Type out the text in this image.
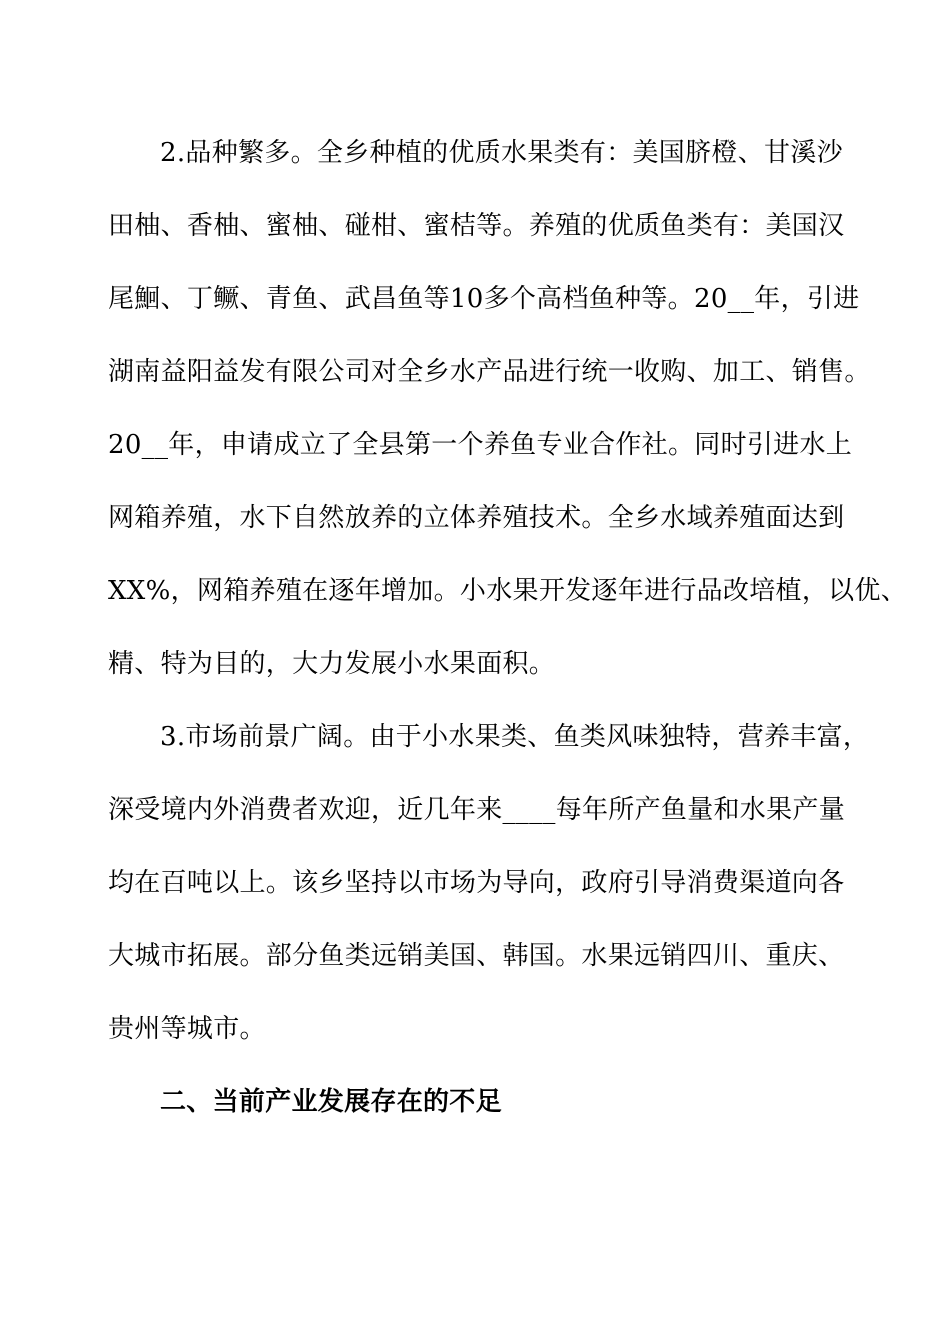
2.品种繁多。全乡种植的优质水果类有：美国脐橙、甘溪沙
田柚、香柚、蜜柚、碰柑、蜜桔等。养殖的优质鱼类有：美国汉
尾鮰、丁鳜、青鱼、武昌鱼等10多个高档鱼种等。20__年，引进
湖南益阳益发有限公司对全乡水产品进行统一收购、加工、销售。
20__年，申请成立了全县第一个养鱼专业合作社。同时引进水上
网箱养殖，水下自然放养的立体养殖技术。全乡水域养殖面达到
XX%，网箱养殖在逐年增加。小水果开发逐年进行品改培植，以优、
精、特为目的，大力发展小水果面积。
3.市场前景广阔。由于小水果类、鱼类风味独特，营养丰富，
深受境内外消费者欢迎，近几年来____每年所产鱼量和水果产量
均在百吨以上。该乡坚持以市场为导向，政府引导消费渠道向各
大城市拓展。部分鱼类远销美国、韩国。水果远销四川、重庆、
贵州等城市。
二、当前产业发展存在的不足
